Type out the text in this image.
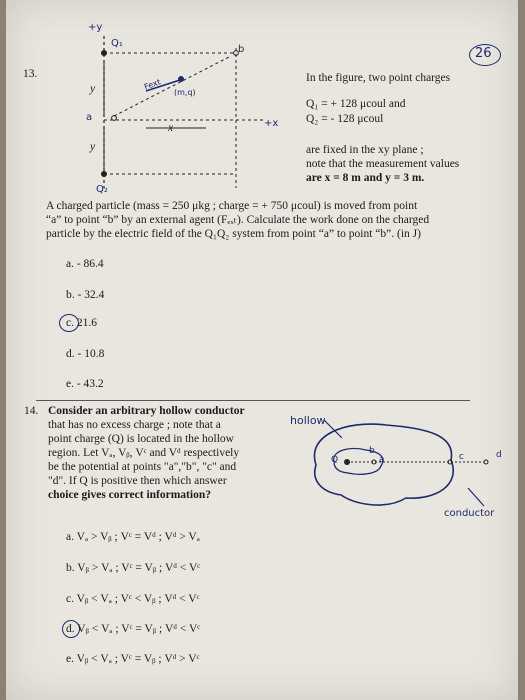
26
13.
+y
Q₁
b
Fext
(m,q)
y
a
x	+x
y
Q₂
In the figure, two point charges
Q₁ = + 128 μcoul and
Q₂ = - 128 μcoul
are fixed in the xy plane ;
note that the measurement values
are x = 8 m and y = 3 m.
A charged particle (mass = 250 μkg ; charge = + 750 μcoul) is moved from point
“a” to point “b” by an external agent (Fₑₓₜ). Calculate the work done on the charged
particle by the electric field of the Q₁Q₂ system from point “a” to point “b”. (in J)
a. - 86.4
b. - 32.4
c. 21.6
d. - 10.8
e. - 43.2
14. Consider an arbitrary hollow conductor
that has no excess charge ; note that a
point charge (Q) is located in the hollow
region. Let Vₐ, Vᵦ, Vᶜ and Vᵈ respectively
be the potential at points "a","b", "c" and
"d". If Q is positive then which answer
choice gives correct information?
hollow
Q
b
a	c	d
conductor
a. Vₐ > Vᵦ ; Vᶜ = Vᵈ ; Vᵈ > Vₐ
b. Vᵦ > Vₐ ; Vᶜ = Vᵦ ; Vᵈ < Vᶜ
c. Vᵦ < Vₐ ; Vᶜ < Vᵦ ; Vᵈ < Vᶜ
d. Vᵦ < Vₐ ; Vᶜ = Vᵦ ; Vᵈ < Vᶜ
e. Vᵦ < Vₐ ; Vᶜ = Vᵦ ; Vᵈ > Vᶜ
